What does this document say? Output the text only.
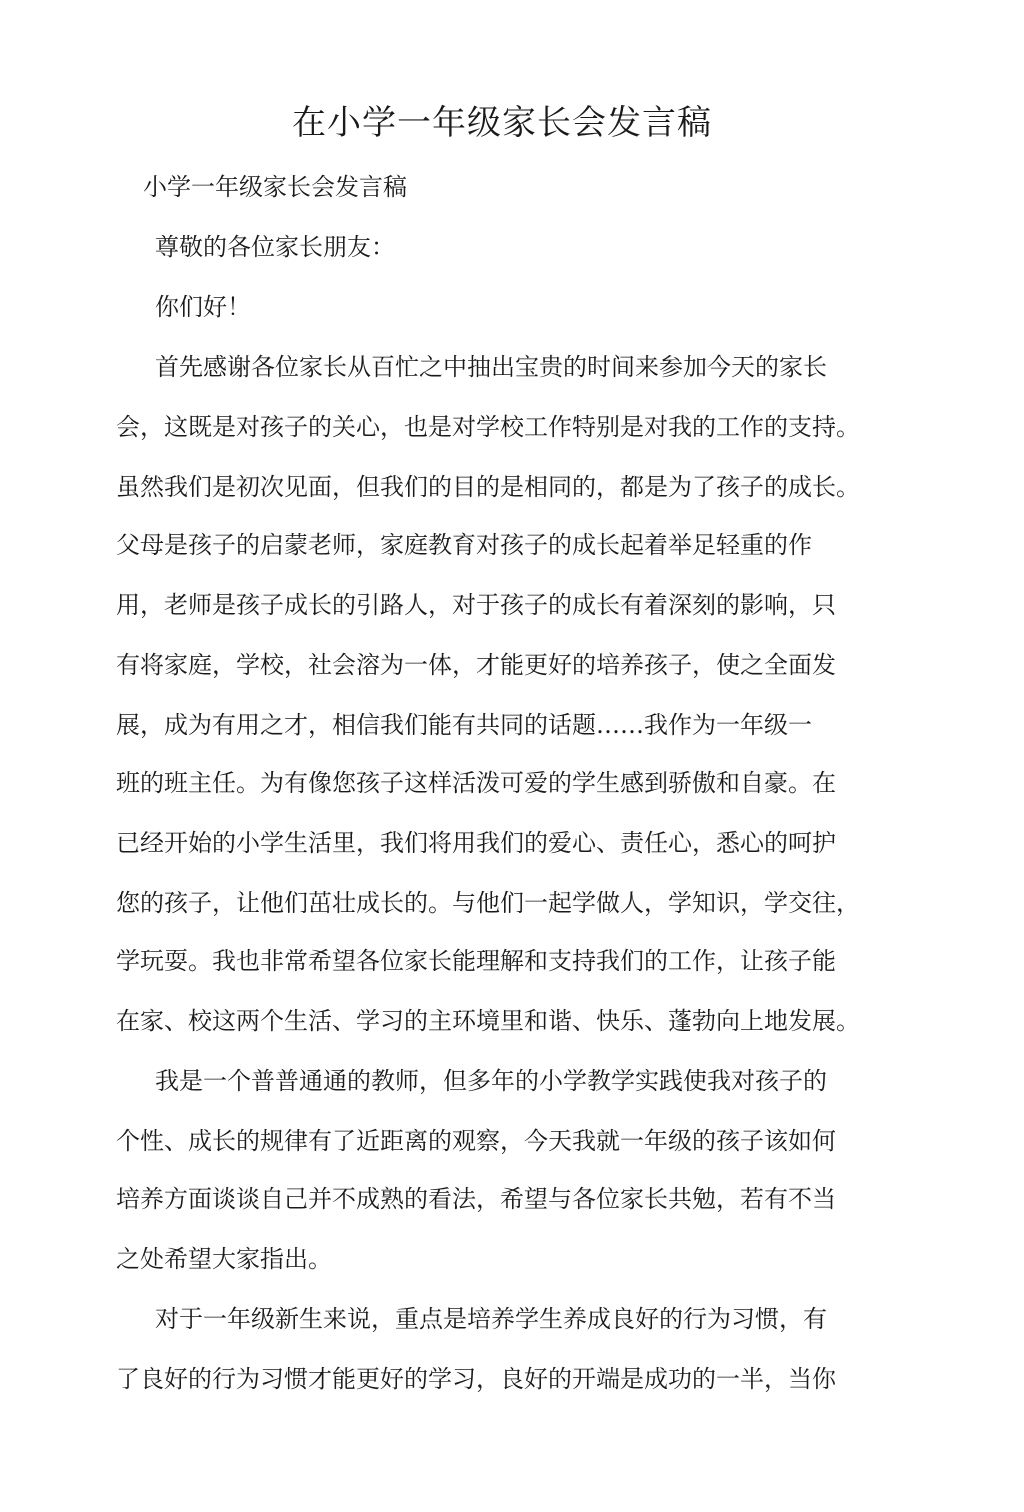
在小学一年级家长会发言稿

小学一年级家长会发言稿

尊敬的各位家长朋友：

你们好！

首先感谢各位家长从百忙之中抽出宝贵的时间来参加今天的家长

会，这既是对孩子的关心，也是对学校工作特别是对我的工作的支持。

虽然我们是初次见面，但我们的目的是相同的，都是为了孩子的成长。

父母是孩子的启蒙老师，家庭教育对孩子的成长起着举足轻重的作

用，老师是孩子成长的引路人，对于孩子的成长有着深刻的影响，只

有将家庭，学校，社会溶为一体，才能更好的培养孩子，使之全面发

展，成为有用之才，相信我们能有共同的话题……我作为一年级一

班的班主任。为有像您孩子这样活泼可爱的学生感到骄傲和自豪。在

已经开始的小学生活里，我们将用我们的爱心、责任心，悉心的呵护

您的孩子，让他们茁壮成长的。与他们一起学做人，学知识，学交往，

学玩耍。我也非常希望各位家长能理解和支持我们的工作，让孩子能

在家、校这两个生活、学习的主环境里和谐、快乐、蓬勃向上地发展。

我是一个普普通通的教师，但多年的小学教学实践使我对孩子的

个性、成长的规律有了近距离的观察，今天我就一年级的孩子该如何

培养方面谈谈自己并不成熟的看法，希望与各位家长共勉，若有不当

之处希望大家指出。

对于一年级新生来说，重点是培养学生养成良好的行为习惯，有

了良好的行为习惯才能更好的学习，良好的开端是成功的一半，当你
